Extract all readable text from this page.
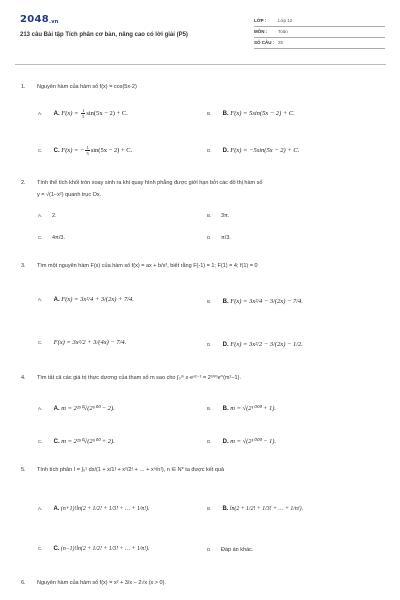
2048.vn
213 câu Bài tập Tích phân cơ bản, nâng cao có lời giải (P5)
LỚP :	Lớp 12
MÔN : Toán
SỐ CÂU : 25
1. Nguyên hàm của hàm số f(x) = cos(5x-2)
A. A. $F(x) = \frac{1}{5} \sin(5x - 2) + C$.	B. B. F(x) = 5sin(5x − 2) + C.
C. C. F(x) = − $\frac{1}{5} \sin(5x - 2) + C$.	D. D. F(x) = −5sin(5x − 2) + C.
2. Tính thể tích khối tròn xoay sinh ra khi quay hình phẳng được giới hạn bởi các đồ thị hàm số
y = √(1−x²) quanh trục Ox.
A. 2.	B. 3π.
C. 4π/3.	D. π/3.
3. Tìm một nguyên hàm F(x) của hàm số f(x) = ax + b/x², biết rằng F(-1) = 1; F(1) = 4; f(1) = 0
A. A. F(x) = 3x²/4 + 3/(2x) + 7/4.	B. B. F(x) = 3x²/4 − 3/(2x) − 7/4.
C. F(x) = 3x²/2 + 3/(4x) − 7/4.	D. D. F(x) = 3x²/2 − 3/(2x) − 1/2.
4. Tìm tất cả các giá trị thực dương của tham số m sao cho ∫₀ᵐ x·eˣ²⁻¹ = 2⁵⁰⁰e^(m²−1).
A. A. m = 2²⁵⁰√(2⁵⁰⁰ − 2).	B. B. m = √(2¹⁰⁰⁰ + 1).
C. C. m = 2²⁵⁰√(2⁵⁰⁰ + 2).	D. D. m = √(2¹⁰⁰⁰ − 1).
5. Tính tích phân I = ∫₀¹ dx/(1 + x/1! + x²/2! + … + xⁿ/n!), n ∈ N* ta được kết quả
A. A. (n+1)!ln(2 + 1/2! + 1/3! + … + 1/n!).	B. B. ln(2 + 1/2! + 1/3! + … + 1/n!).
C. C. (n−1)!ln(2 + 1/2! + 1/3! + … + 1/n!).	D. Đáp án khác.
6. Nguyên hàm của hàm số f(x) = x² + 3/x − 2√x (x > 0).
